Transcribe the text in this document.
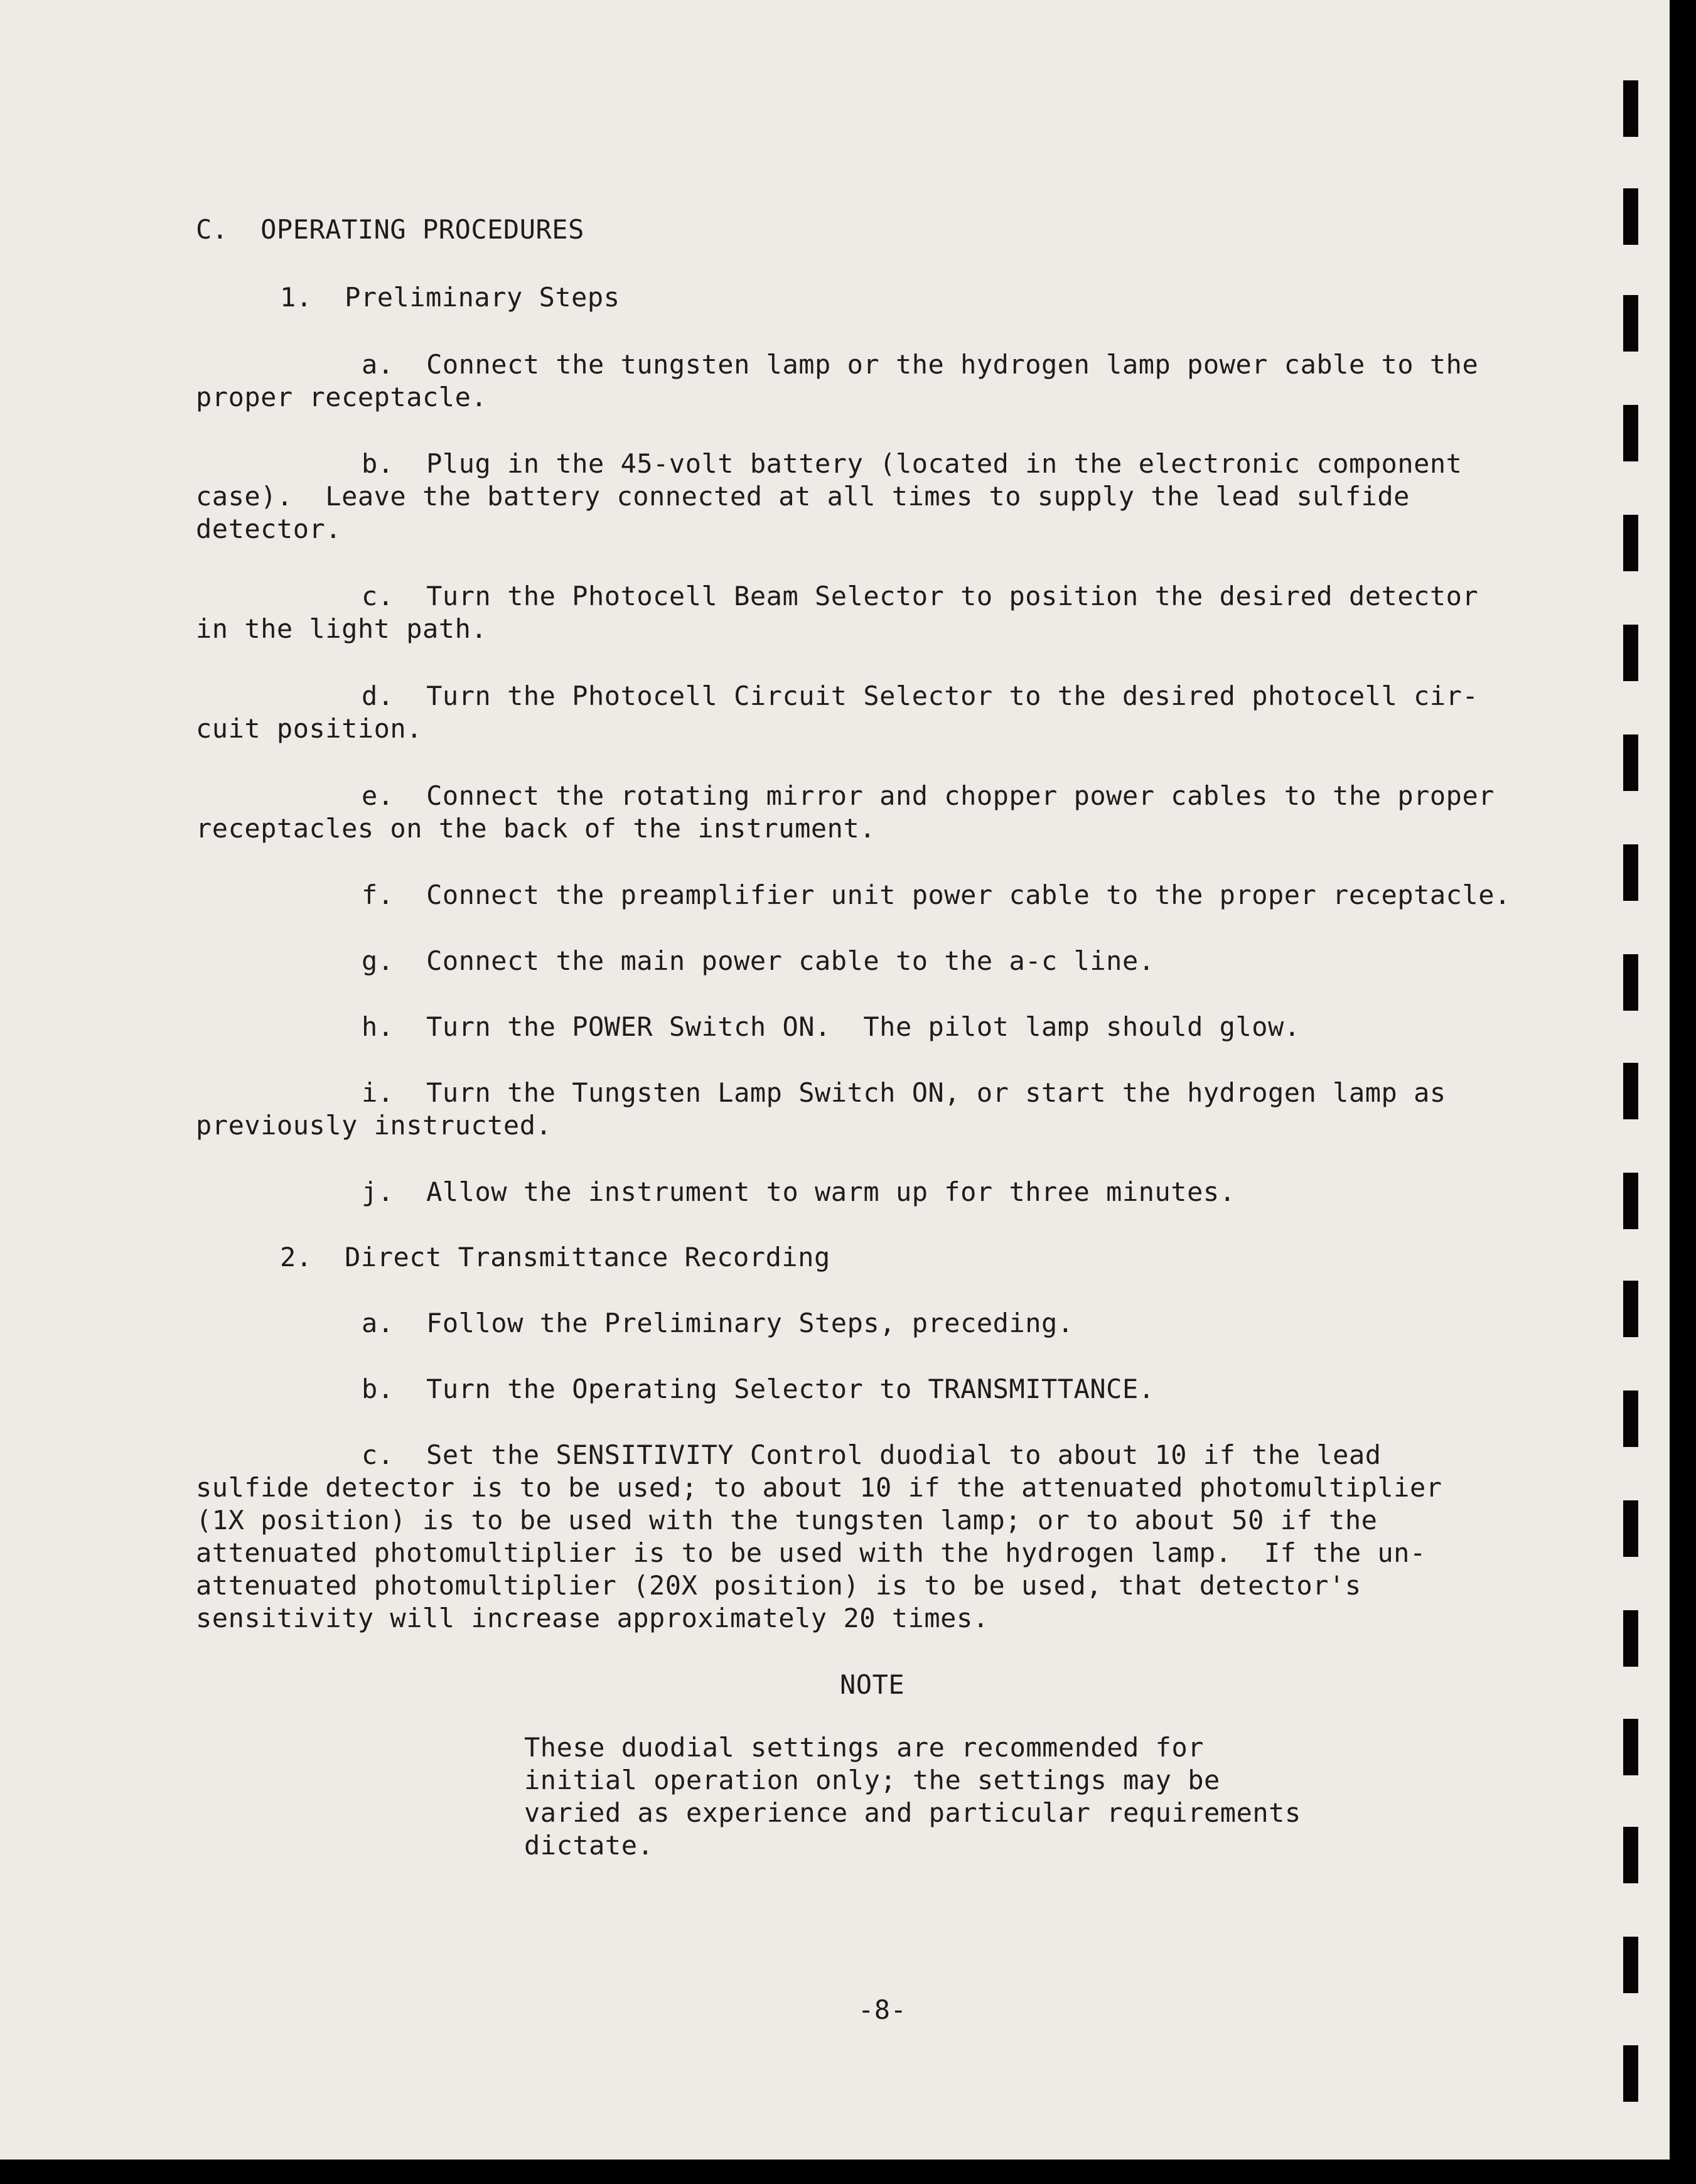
C.  OPERATING PROCEDURES
1.  Preliminary Steps
a.  Connect the tungsten lamp or the hydrogen lamp power cable to the
proper receptacle.
b.  Plug in the 45-volt battery (located in the electronic component
case).  Leave the battery connected at all times to supply the lead sulfide
detector.
c.  Turn the Photocell Beam Selector to position the desired detector
in the light path.
d.  Turn the Photocell Circuit Selector to the desired photocell cir-
cuit position.
e.  Connect the rotating mirror and chopper power cables to the proper
receptacles on the back of the instrument.
f.  Connect the preamplifier unit power cable to the proper receptacle.
g.  Connect the main power cable to the a-c line.
h.  Turn the POWER Switch ON.  The pilot lamp should glow.
i.  Turn the Tungsten Lamp Switch ON, or start the hydrogen lamp as
previously instructed.
j.  Allow the instrument to warm up for three minutes.
2.  Direct Transmittance Recording
a.  Follow the Preliminary Steps, preceding.
b.  Turn the Operating Selector to TRANSMITTANCE.
c.  Set the SENSITIVITY Control duodial to about 10 if the lead
sulfide detector is to be used; to about 10 if the attenuated photomultiplier
(1X position) is to be used with the tungsten lamp; or to about 50 if the
attenuated photomultiplier is to be used with the hydrogen lamp.  If the un-
attenuated photomultiplier (20X position) is to be used, that detector's
sensitivity will increase approximately 20 times.
NOTE
These duodial settings are recommended for
initial operation only; the settings may be
varied as experience and particular requirements
dictate.
-8-
